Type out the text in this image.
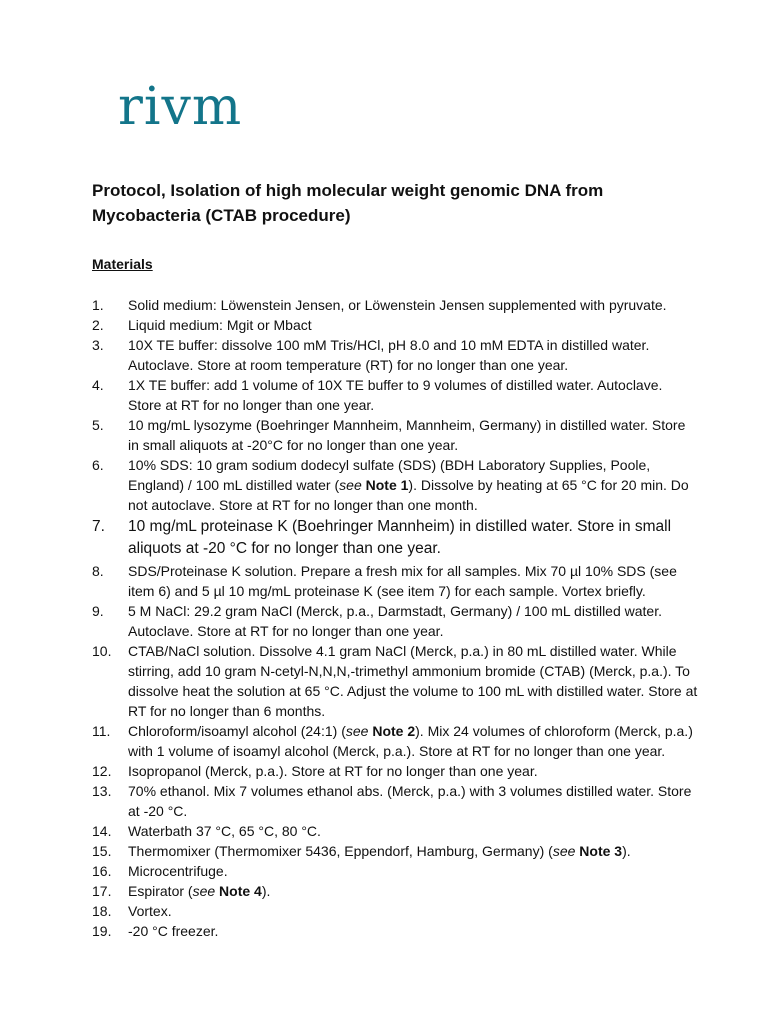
rivm
Protocol, Isolation of high molecular weight genomic DNA from Mycobacteria (CTAB procedure)
Materials
1. Solid medium: Löwenstein Jensen, or Löwenstein Jensen supplemented with pyruvate.
2. Liquid medium: Mgit or Mbact
3. 10X TE buffer: dissolve 100 mM Tris/HCl, pH 8.0 and 10 mM EDTA in distilled water. Autoclave. Store at room temperature (RT) for no longer than one year.
4. 1X TE buffer: add 1 volume of 10X TE buffer to 9 volumes of distilled water. Autoclave. Store at RT for no longer than one year.
5. 10 mg/mL lysozyme (Boehringer Mannheim, Mannheim, Germany) in distilled water. Store in small aliquots at -20°C for no longer than one year.
6. 10% SDS: 10 gram sodium dodecyl sulfate (SDS) (BDH Laboratory Supplies, Poole, England) / 100 mL distilled water (see Note 1). Dissolve by heating at 65 °C for 20 min. Do not autoclave. Store at RT for no longer than one month.
7. 10 mg/mL proteinase K (Boehringer Mannheim) in distilled water. Store in small aliquots at -20 °C for no longer than one year.
8. SDS/Proteinase K solution. Prepare a fresh mix for all samples. Mix 70 µl 10% SDS (see item 6) and 5 µl 10 mg/mL proteinase K (see item 7) for each sample. Vortex briefly.
9. 5 M NaCl: 29.2 gram NaCl (Merck, p.a., Darmstadt, Germany) / 100 mL distilled water. Autoclave. Store at RT for no longer than one year.
10. CTAB/NaCl solution. Dissolve 4.1 gram NaCl (Merck, p.a.) in 80 mL distilled water. While stirring, add 10 gram N-cetyl-N,N,N,-trimethyl ammonium bromide (CTAB) (Merck, p.a.). To dissolve heat the solution at 65 °C. Adjust the volume to 100 mL with distilled water. Store at RT for no longer than 6 months.
11. Chloroform/isoamyl alcohol (24:1) (see Note 2). Mix 24 volumes of chloroform (Merck, p.a.) with 1 volume of isoamyl alcohol (Merck, p.a.). Store at RT for no longer than one year.
12. Isopropanol (Merck, p.a.). Store at RT for no longer than one year.
13. 70% ethanol. Mix 7 volumes ethanol abs. (Merck, p.a.) with 3 volumes distilled water. Store at -20 °C.
14. Waterbath 37 °C, 65 °C, 80 °C.
15. Thermomixer (Thermomixer 5436, Eppendorf, Hamburg, Germany) (see Note 3).
16. Microcentrifuge.
17. Espirator (see Note 4).
18. Vortex.
19. -20 °C freezer.
